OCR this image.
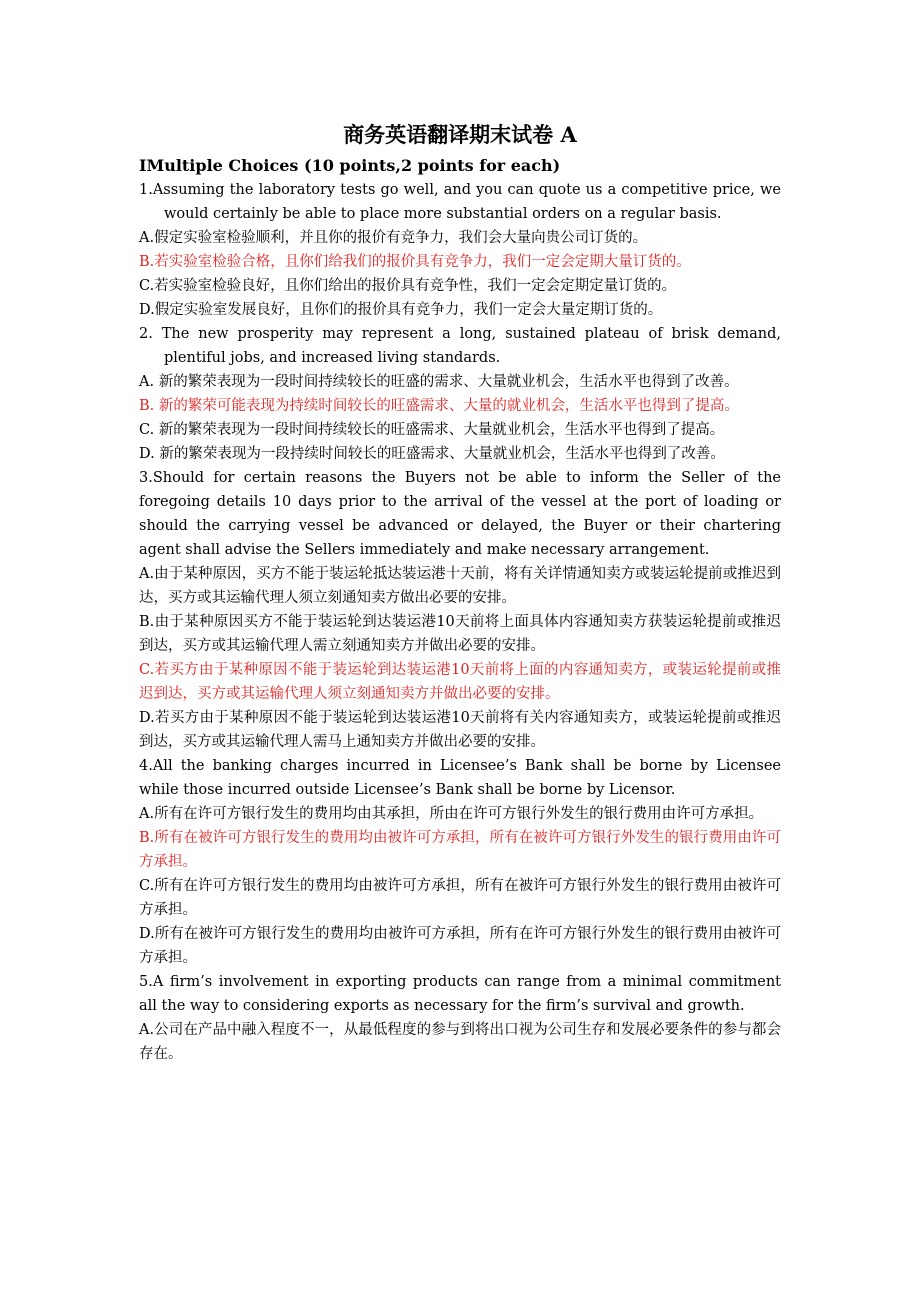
商务英语翻译期末试卷 A
ⅠMultiple Choices (10 points,2 points for each)

1.Assuming the laboratory tests go well, and you can quote us a competitive price, we would certainly be able to place more substantial orders on a regular basis.

A.假定实验室检验顺利，并且你的报价有竞争力，我们会大量向贵公司订货的。

B.若实验室检验合格，且你们给我们的报价具有竞争力，我们一定会定期大量订货的。

C.若实验室检验良好，且你们给出的报价具有竞争性，我们一定会定期定量订货的。

D.假定实验室发展良好，且你们的报价具有竞争力，我们一定会大量定期订货的。

2. The new prosperity may represent a long, sustained plateau of brisk demand, plentiful jobs, and increased living standards.

A. 新的繁荣表现为一段时间持续较长的旺盛的需求、大量就业机会，生活水平也得到了改善。

B. 新的繁荣可能表现为持续时间较长的旺盛需求、大量的就业机会，生活水平也得到了提高。

C. 新的繁荣表现为一段时间持续较长的旺盛需求、大量就业机会，生活水平也得到了提高。

D. 新的繁荣表现为一段持续时间较长的旺盛需求、大量就业机会，生活水平也得到了改善。

3.Should for certain reasons the Buyers not be able to inform the Seller of the foregoing details 10 days prior to the arrival of the vessel at the port of loading or should the carrying vessel be advanced or delayed, the Buyer or their chartering agent shall advise the Sellers immediately and make necessary arrangement.

A.由于某种原因，买方不能于装运轮抵达装运港十天前，将有关详情通知卖方或装运轮提前或推迟到达，买方或其运输代理人须立刻通知卖方做出必要的安排。

B.由于某种原因买方不能于装运轮到达装运港10天前将上面具体内容通知卖方获装运轮提前或推迟到达，买方或其运输代理人需立刻通知卖方并做出必要的安排。

C.若买方由于某种原因不能于装运轮到达装运港10天前将上面的内容通知卖方，或装运轮提前或推迟到达，买方或其运输代理人须立刻通知卖方并做出必要的安排。

D.若买方由于某种原因不能于装运轮到达装运港10天前将有关内容通知卖方，或装运轮提前或推迟到达，买方或其运输代理人需马上通知卖方并做出必要的安排。

4.All the banking charges incurred in Licensee’s Bank shall be borne by Licensee while those incurred outside Licensee’s Bank shall be borne by Licensor.

A.所有在许可方银行发生的费用均由其承担，所由在许可方银行外发生的银行费用由许可方承担。

B.所有在被许可方银行发生的费用均由被许可方承担，所有在被许可方银行外发生的银行费用由许可方承担。

C.所有在许可方银行发生的费用均由被许可方承担，所有在被许可方银行外发生的银行费用由被许可方承担。

D.所有在被许可方银行发生的费用均由被许可方承担，所有在许可方银行外发生的银行费用由被许可方承担。

5.A firm’s involvement in exporting products can range from a minimal commitment all the way to considering exports as necessary for the firm’s survival and growth.

A.公司在产品中融入程度不一，从最低程度的参与到将出口视为公司生存和发展必要条件的参与都会存在。
